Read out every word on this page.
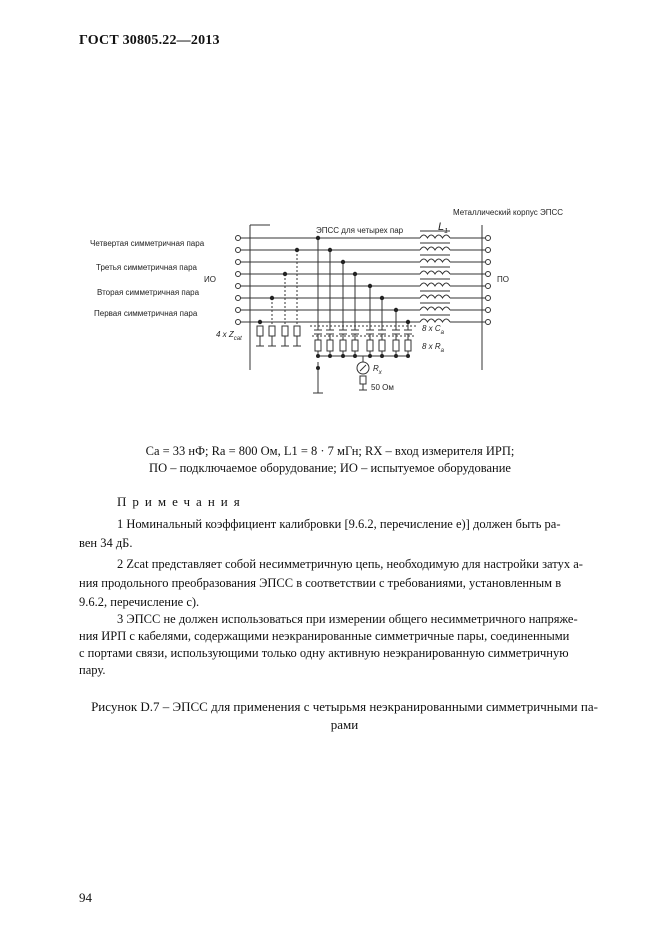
ГОСТ 30805.22—2013
Металлический корпус ЭПСС
ЭПСС для четырех пар	$L_1$
Четвертая симметричная пара
Третья симметричная пара
ИО
Вторая симметричная пара
Первая симметричная пара
ПО
4 x $Z_{cat}$
8 x $C_a$
8 x $R_a$
$R_x$
50 Ом
Ca = 33 нФ; Ra = 800 Ом, L1 = 8 · 7 мГн; RX – вход измерителя ИРП;
ПО – подключаемое оборудование; ИО – испытуемое оборудование
Примечания
1 Номинальный коэффициент калибровки [9.6.2, перечисление е)] должен быть ра-
вен 34 дБ.
2 Zcat представляет собой несимметричную цепь, необходимую для настройки затух а-
ния продольного преобразования ЭПСС в соответствии с требованиями, установленным в
9.6.2, перечисление с).
3 ЭПСС не должен использоваться при измерении общего несимметричного напряже-
ния ИРП с кабелями, содержащими неэкранированные симметричные пары, соединенными
с портами связи, использующими только одну активную неэкранированную симметричную
пару.
Рисунок D.7 – ЭПСС для применения с четырьмя неэкранированными симметричными па-
рами
94
